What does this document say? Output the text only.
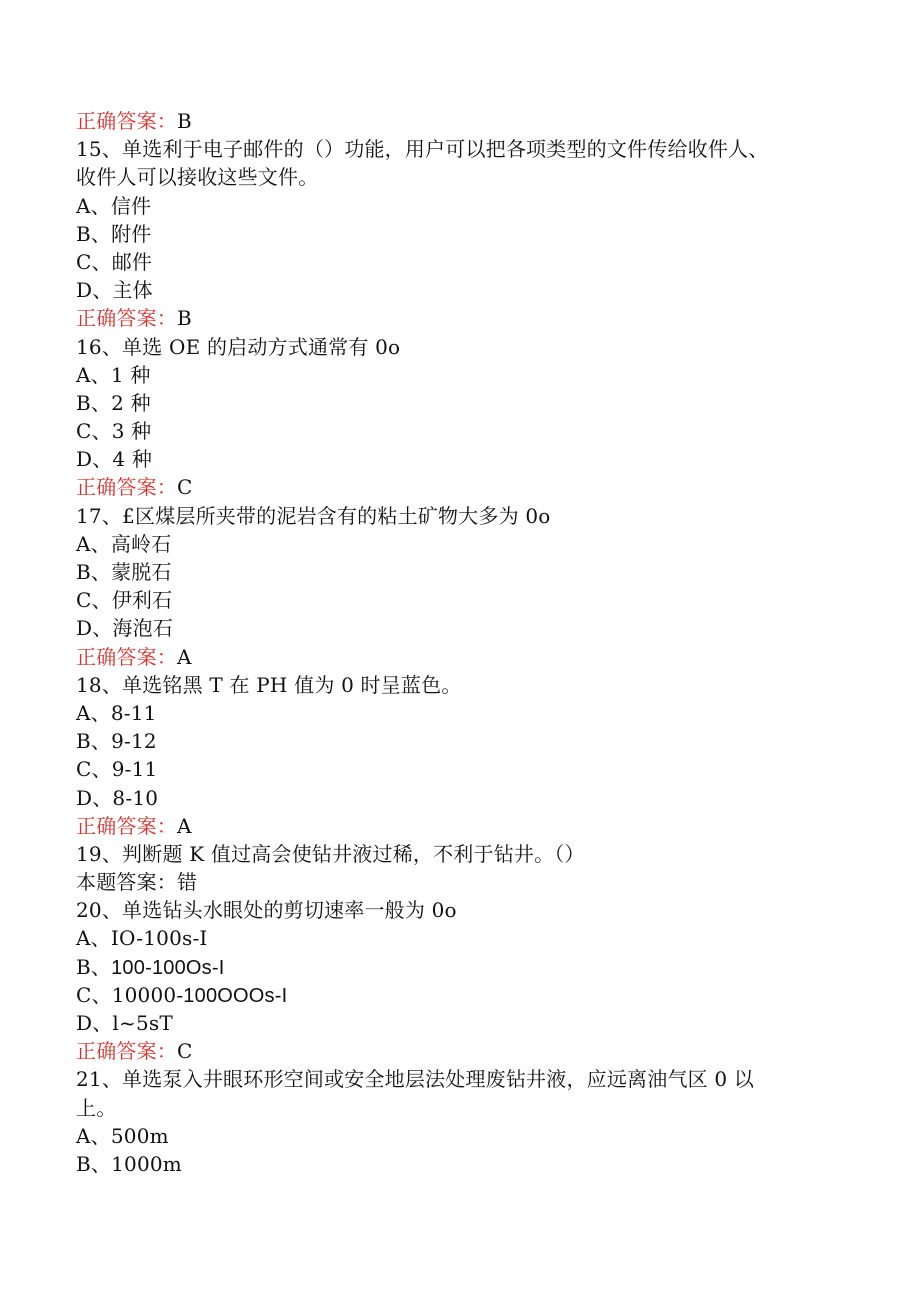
正确答案：B
15、单选利于电子邮件的（）功能，用户可以把各项类型的文件传给收件人、
收件人可以接收这些文件。
A、信件
B、附件
C、邮件
D、主体
正确答案：B
16、单选 OE 的启动方式通常有 0o
A、1 种
B、2 种
C、3 种
D、4 种
正确答案：C
17、£区煤层所夹带的泥岩含有的粘土矿物大多为 0o
A、高岭石
B、蒙脱石
C、伊利石
D、海泡石
正确答案：A
18、单选铭黑 T 在 PH 值为 0 时呈蓝色。
A、8-11
B、9-12
C、9-11
D、8-10
正确答案：A
19、判断题 K 值过高会使钻井液过稀，不利于钻井。（）
本题答案：错
20、单选钻头水眼处的剪切速率一般为 0o
A、IO-100s-I
B、100-100Os-I
C、10000-100OOOs-I
D、l~5sT
正确答案：C
21、单选泵入井眼环形空间或安全地层法处理废钻井液，应远离油气区 0 以
上。
A、500m
B、1000m
